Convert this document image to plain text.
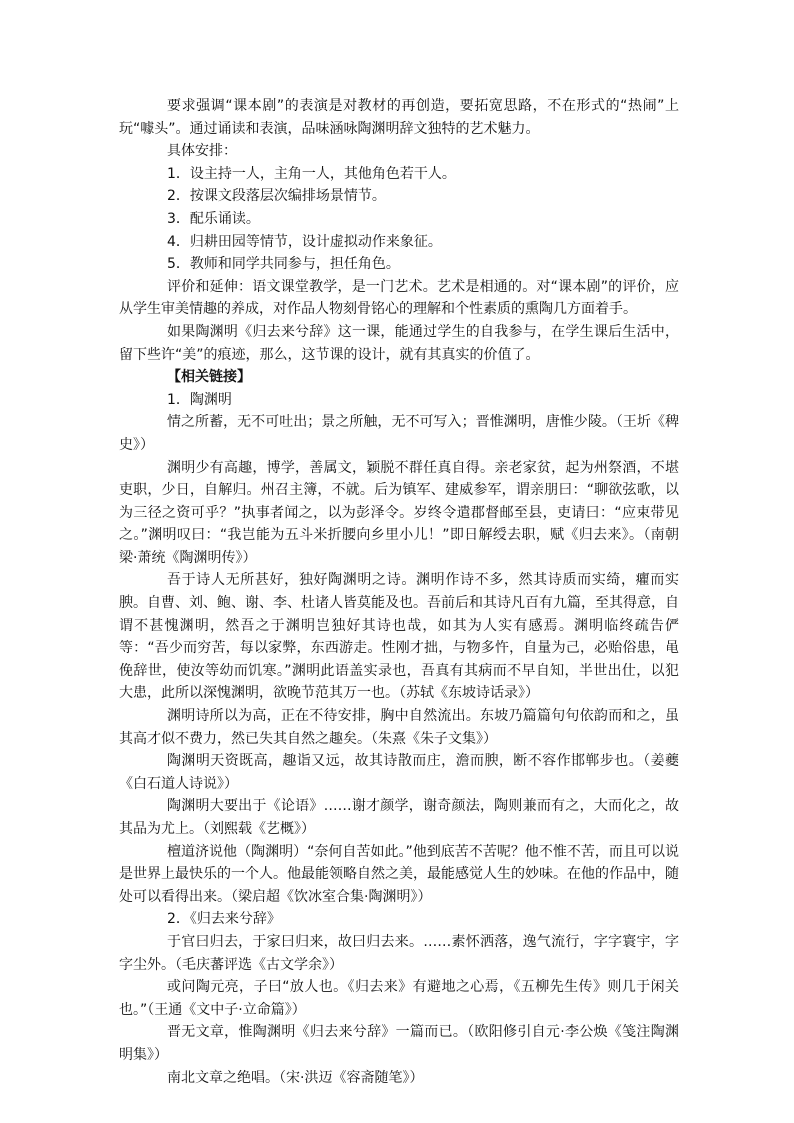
要求强调“课本剧”的表演是对教材的再创造，要拓宽思路，不在形式的“热闹”上玩“噱头”。通过诵读和表演，品味涵咏陶渊明辞文独特的艺术魅力。

具体安排：

1．设主持一人，主角一人，其他角色若干人。

2．按课文段落层次编排场景情节。

3．配乐诵读。

4．归耕田园等情节，设计虚拟动作来象征。

5．教师和同学共同参与，担任角色。

评价和延伸：语文课堂教学，是一门艺术。艺术是相通的。对“课本剧”的评价，应从学生审美情趣的养成，对作品人物刻骨铭心的理解和个性素质的熏陶几方面着手。

如果陶渊明《归去来兮辞》这一课，能通过学生的自我参与，在学生课后生活中，留下些许“美”的痕迹，那么，这节课的设计，就有其真实的价值了。

【相关链接】

1．陶渊明

情之所蓄，无不可吐出；景之所触，无不可写入；晋惟渊明，唐惟少陵。（王圻《稗史》）

渊明少有高趣，博学，善属文，颖脱不群任真自得。亲老家贫，起为州祭酒，不堪吏职，少日，自解归。州召主簿，不就。后为镇军、建威参军，谓亲朋曰：“聊欲弦歌，以为三径之资可乎？”执事者闻之，以为彭泽令。岁终令遣郡督邮至县，吏请曰：“应束带见之。”渊明叹曰：“我岂能为五斗米折腰向乡里小儿！”即日解绶去职，赋《归去来》。（南朝梁·萧统《陶渊明传》）

吾于诗人无所甚好，独好陶渊明之诗。渊明作诗不多，然其诗质而实绮，癯而实腴。自曹、刘、鲍、谢、李、杜诸人皆莫能及也。吾前后和其诗凡百有九篇，至其得意，自谓不甚愧渊明，然吾之于渊明岂独好其诗也哉，如其为人实有感焉。渊明临终疏告俨等：“吾少而穷苦，每以家弊，东西游走。性刚才拙，与物多忤，自量为己，必贻俗患，黾俛辞世，使汝等幼而饥寒。”渊明此语盖实录也，吾真有其病而不早自知，半世出仕，以犯大患，此所以深愧渊明，欲晚节范其万一也。（苏轼《东坡诗话录》）

渊明诗所以为高，正在不待安排，胸中自然流出。东坡乃篇篇句句依韵而和之，虽其高才似不费力，然已失其自然之趣矣。（朱熹《朱子文集》）

陶渊明天资既高，趣诣又远，故其诗散而庄，澹而腴，断不容作邯郸步也。（姜夔《白石道人诗说》）

陶渊明大要出于《论语》……谢才颜学，谢奇颜法，陶则兼而有之，大而化之，故其品为尤上。（刘熙载《艺概》）

檀道济说他（陶渊明）“奈何自苦如此。”他到底苦不苦呢？他不惟不苦，而且可以说是世界上最快乐的一个人。他最能领略自然之美，最能感觉人生的妙味。在他的作品中，随处可以看得出来。（梁启超《饮冰室合集·陶渊明》）

2．《归去来兮辞》

于官曰归去，于家曰归来，故曰归去来。……素怀洒落，逸气流行，字字寰宇，字字尘外。（毛庆蕃评选《古文学余》）

或问陶元亮，子曰“放人也。《归去来》有避地之心焉，《五柳先生传》则几于闲关也。”（王通《文中子·立命篇》）

晋无文章，惟陶渊明《归去来兮辞》一篇而已。（欧阳修引自元·李公焕《笺注陶渊明集》）

南北文章之绝唱。（宋·洪迈《容斋随笔》）
